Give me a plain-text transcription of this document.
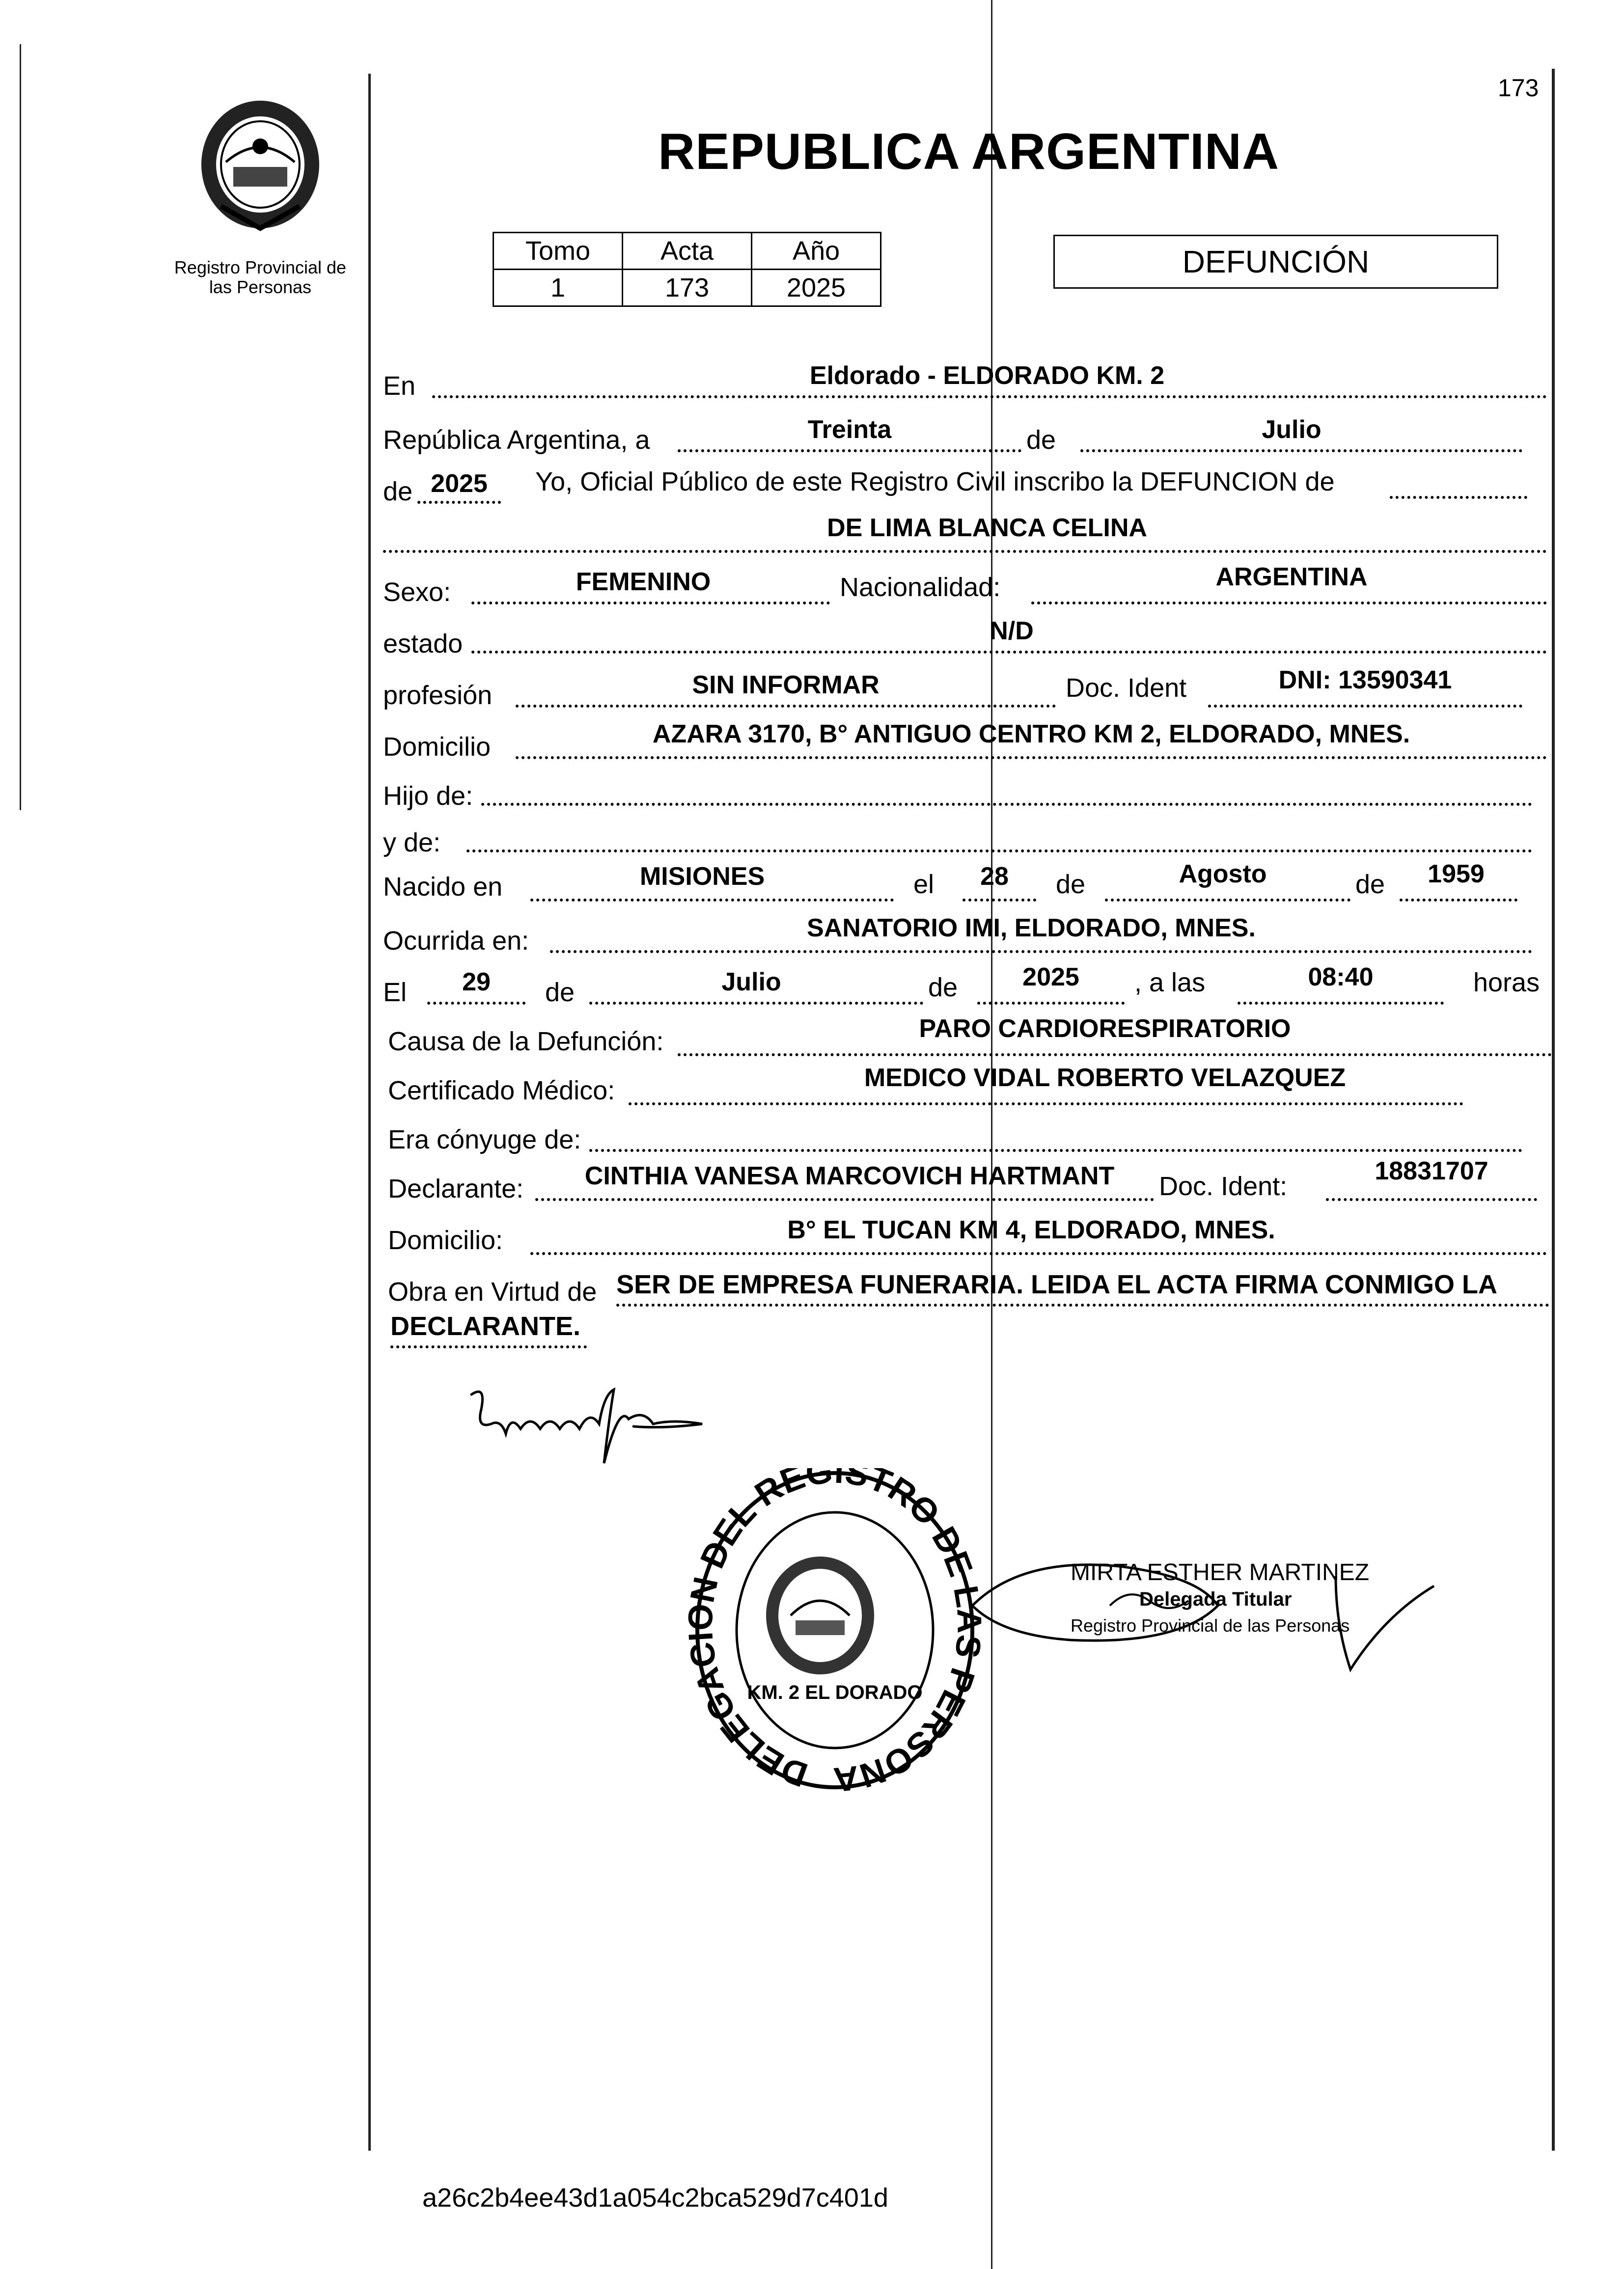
173
Registro Provincial de
las Personas
REPUBLICA ARGENTINA
Tomo	Acta	Año
1	173	2025
DEFUNCIÓN
En	Eldorado - ELDORADO KM. 2
República Argentina, a	Treinta	de	Julio
de 2025	Yo, Oficial Público de este Registro Civil inscribo la DEFUNCION de
DE LIMA BLANCA CELINA
Sexo:	FEMENINO	Nacionalidad:	ARGENTINA
estado	N/D
profesión	SIN INFORMAR	Doc. Ident	DNI: 13590341
Domicilio	AZARA 3170, B° ANTIGUO CENTRO KM 2, ELDORADO, MNES.
Hijo de:
y de:
Nacido en	MISIONES	el	28	de	Agosto	de	1959
Ocurrida en:	SANATORIO IMI, ELDORADO, MNES.
El	29	de	Julio	de	2025	, a las	08:40	horas
Causa de la Defunción:	PARO CARDIORESPIRATORIO
Certificado Médico:	MEDICO VIDAL ROBERTO VELAZQUEZ
Era cónyuge de:
Declarante:	CINTHIA VANESA MARCOVICH HARTMANT	Doc. Ident:
18831707
Domicilio:	B° EL TUCAN KM 4, ELDORADO, MNES.
Obra en Virtud de SER DE EMPRESA FUNERARIA. LEIDA EL ACTA FIRMA CONMIGO LA
DECLARANTE.
DELEGA DEL REGISTRO DE PERSONA
KM. 2 EL DORADO
MIRTA ESTHER MARTINEZ
Delegada Titular
Registro Provincial de las Personas
a26c2b4ee43d1a054c2bca529d7c401d
